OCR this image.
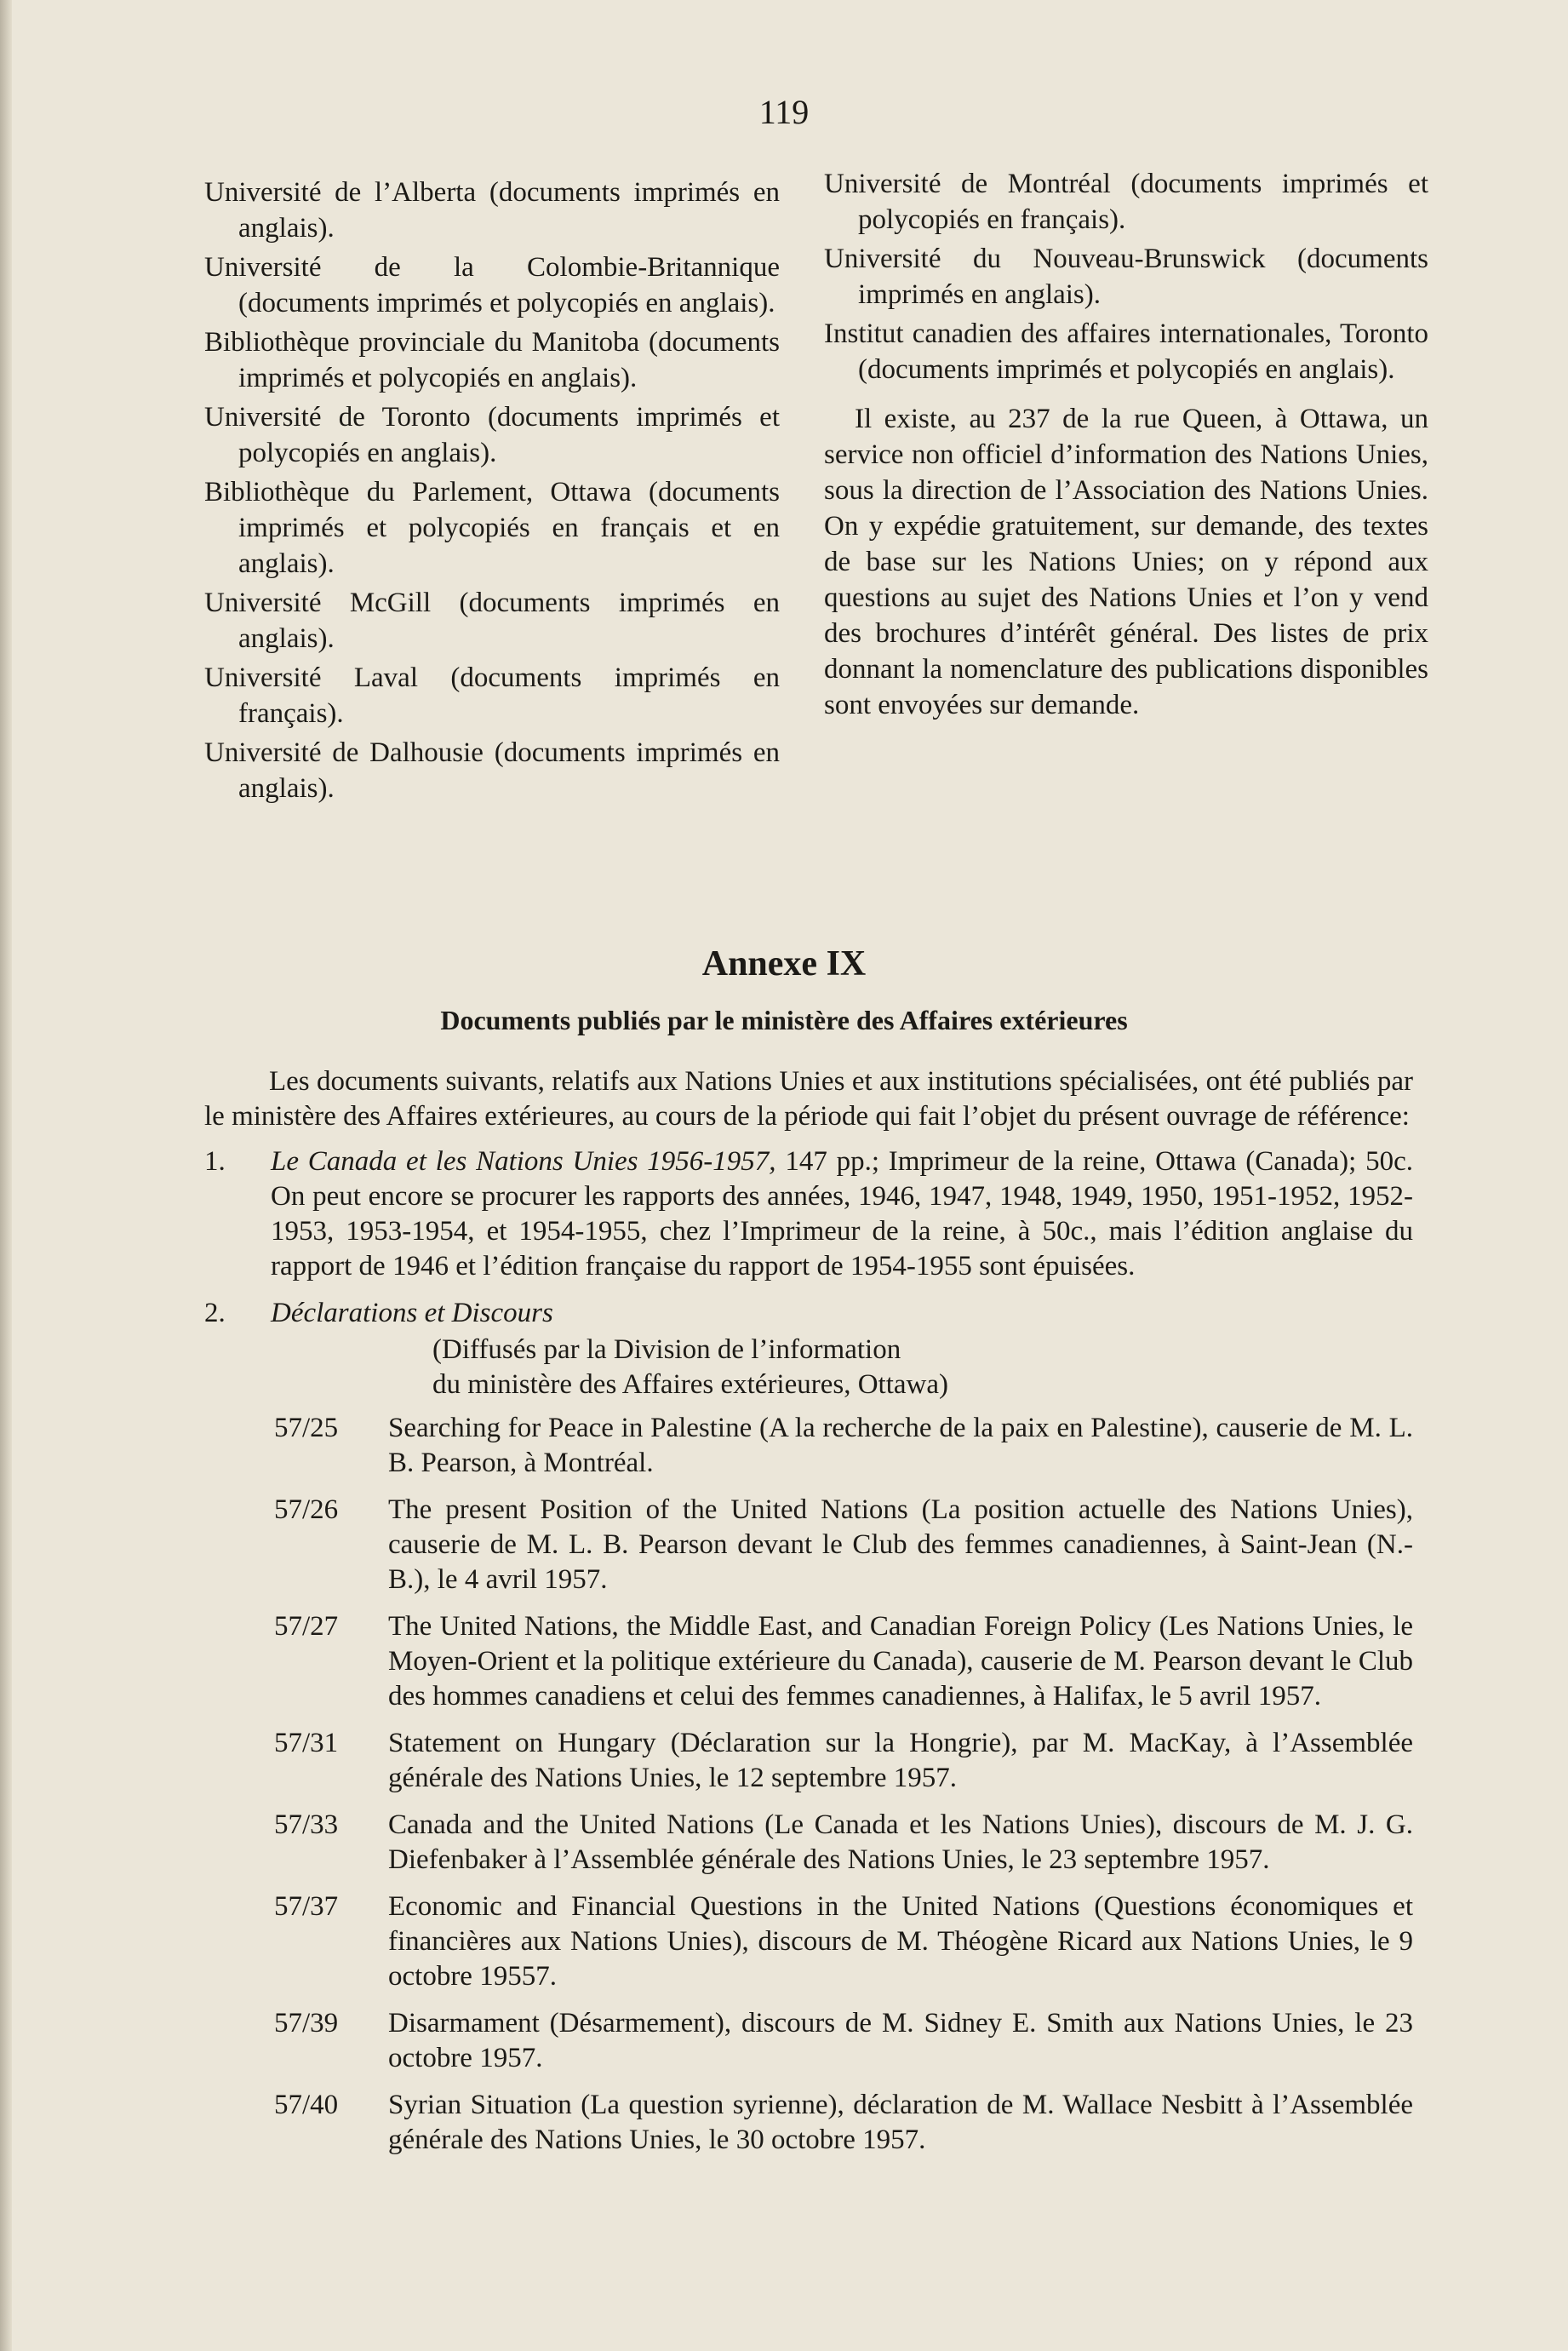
119

Université de l’Alberta (documents imprimés en anglais).

Université de la Colombie-Britannique (documents imprimés et polycopiés en anglais).

Bibliothèque provinciale du Manitoba (documents imprimés et polycopiés en anglais).

Université de Toronto (documents imprimés et polycopiés en anglais).

Bibliothèque du Parlement, Ottawa (documents imprimés et polycopiés en français et en anglais).

Université McGill (documents imprimés en anglais).

Université Laval (documents imprimés en français).

Université de Dalhousie (documents imprimés en anglais).

Université de Montréal (documents imprimés et polycopiés en français).

Université du Nouveau-Brunswick (documents imprimés en anglais).

Institut canadien des affaires internationales, Toronto (documents imprimés et polycopiés en anglais).

Il existe, au 237 de la rue Queen, à Ottawa, un service non officiel d’information des Nations Unies, sous la direction de l’Association des Nations Unies. On y expédie gratuitement, sur demande, des textes de base sur les Nations Unies; on y répond aux questions au sujet des Nations Unies et l’on y vend des brochures d’intérêt général. Des listes de prix donnant la nomenclature des publications disponibles sont envoyées sur demande.

Annexe IX
Documents publiés par le ministère des Affaires extérieures

Les documents suivants, relatifs aux Nations Unies et aux institutions spécialisées, ont été publiés par le ministère des Affaires extérieures, au cours de la période qui fait l’objet du présent ouvrage de référence:

1.	Le Canada et les Nations Unies 1956-1957, 147 pp.; Imprimeur de la reine, Ottawa (Canada); 50c. On peut encore se procurer les rapports des années, 1946, 1947, 1948, 1949, 1950, 1951-1952, 1952-1953, 1953-1954, et 1954-1955, chez l’Imprimeur de la reine, à 50c., mais l’édition anglaise du rapport de 1946 et l’édition française du rapport de 1954-1955 sont épuisées.
2.	Déclarations et Discours
(Diffusés par la Division de l’information
du ministère des Affaires extérieures, Ottawa)
57/25	Searching for Peace in Palestine (A la recherche de la paix en Palestine), causerie de M. L. B. Pearson, à Montréal.
57/26	The present Position of the United Nations (La position actuelle des Nations Unies), causerie de M. L. B. Pearson devant le Club des femmes canadiennes, à Saint-Jean (N.-B.), le 4 avril 1957.
57/27	The United Nations, the Middle East, and Canadian Foreign Policy (Les Nations Unies, le Moyen-Orient et la politique extérieure du Canada), causerie de M. Pearson devant le Club des hommes canadiens et celui des femmes canadiennes, à Halifax, le 5 avril 1957.
57/31	Statement on Hungary (Déclaration sur la Hongrie), par M. MacKay, à l’Assemblée générale des Nations Unies, le 12 septembre 1957.
57/33	Canada and the United Nations (Le Canada et les Nations Unies), discours de M. J. G. Diefenbaker à l’Assemblée générale des Nations Unies, le 23 septembre 1957.
57/37	Economic and Financial Questions in the United Nations (Questions économiques et financières aux Nations Unies), discours de M. Théogène Ricard aux Nations Unies, le 9 octobre 19557.
57/39	Disarmament (Désarmement), discours de M. Sidney E. Smith aux Nations Unies, le 23 octobre 1957.
57/40	Syrian Situation (La question syrienne), déclaration de M. Wallace Nesbitt à l’Assemblée générale des Nations Unies, le 30 octobre 1957.
